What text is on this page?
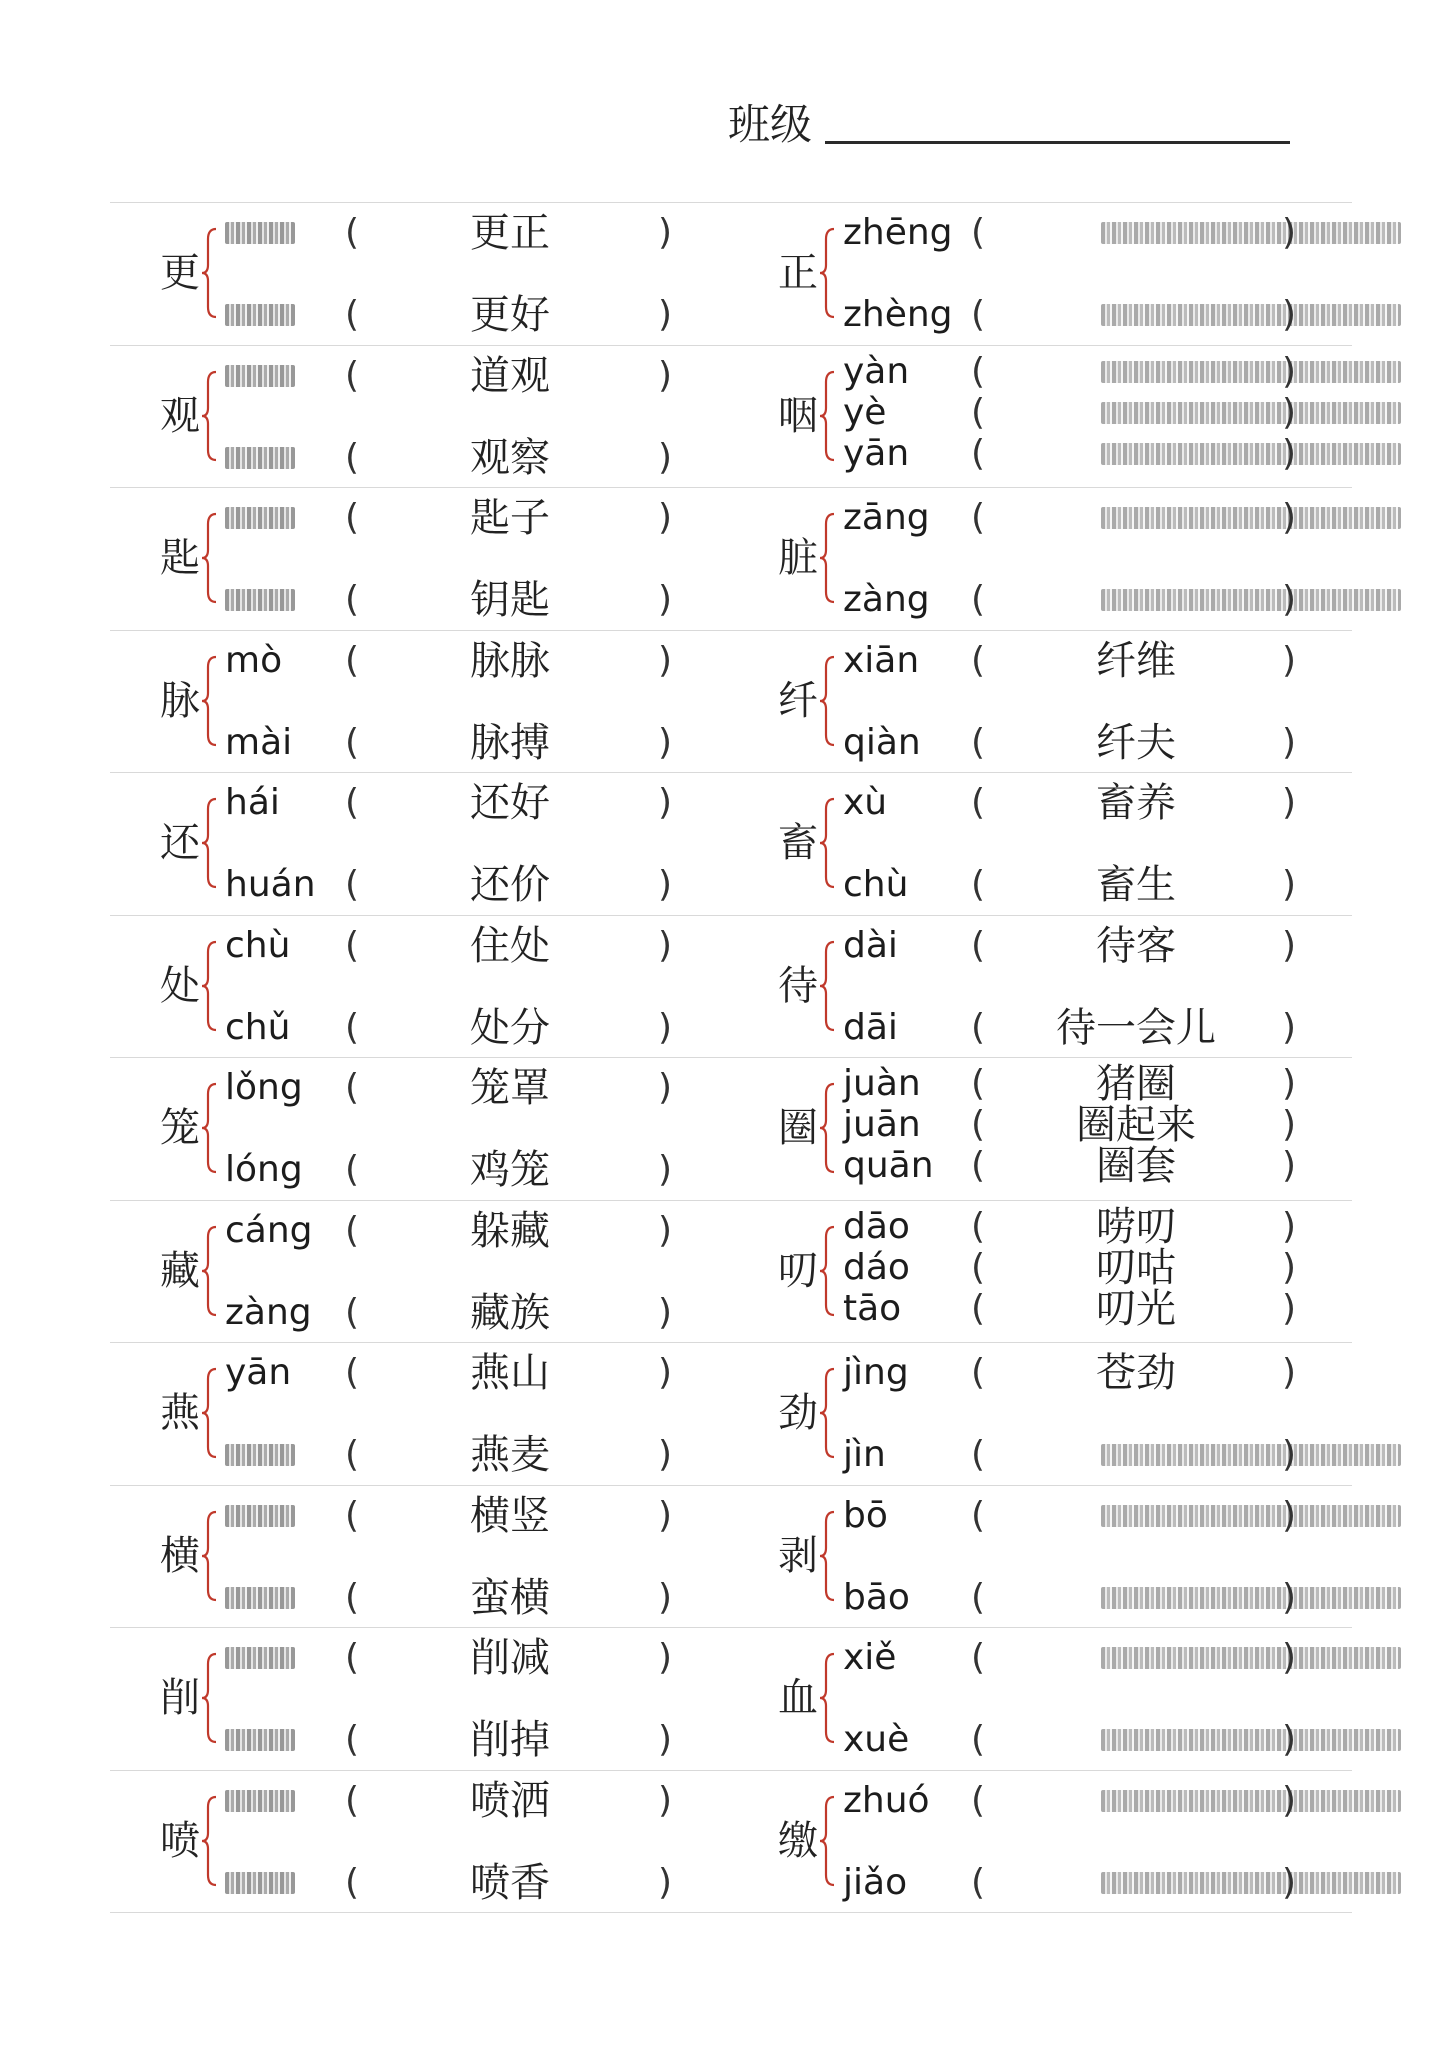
班级
更
(	更正	)
(	更好	)
正
zhēng (	)
zhèng (	)
观
(	道观	)
(	观察	)
咽
yàn (	)
yè (	)
yān (	)
匙
(	匙子	)
(	钥匙	)
脏
zāng (	)
zàng (	)
脉
mò (	脉脉	)
mài (	脉搏	)
纤
xiān (	纤维	)
qiàn (	纤夫	)
还
hái (	还好	)
huán (	还价	)
畜
xù (	畜养	)
chù (	畜生	)
处
chù (	住处	)
chǔ (	处分	)
待
dài (	待客	)
dāi (	待一会儿	)
笼
lǒng (	笼罩	)
lóng (	鸡笼	)
圈
juàn (	猪圈	)
juān (	圈起来	)
quān (	圈套	)
藏
cáng (	躲藏	)
zàng (	藏族	)
叨
dāo (	唠叨	)
dáo (	叨咕	)
tāo (	叨光	)
燕
yān (	燕山	)
(	燕麦	)
劲
jìng (	苍劲	)
jìn (	)
横
(	横竖	)
(	蛮横	)
剥
bō (	)
bāo (	)
削
(	削减	)
(	削掉	)
血
xiě (	)
xuè (	)
喷
(	喷洒	)
(	喷香	)
缴
zhuó (	)
jiǎo (	)
